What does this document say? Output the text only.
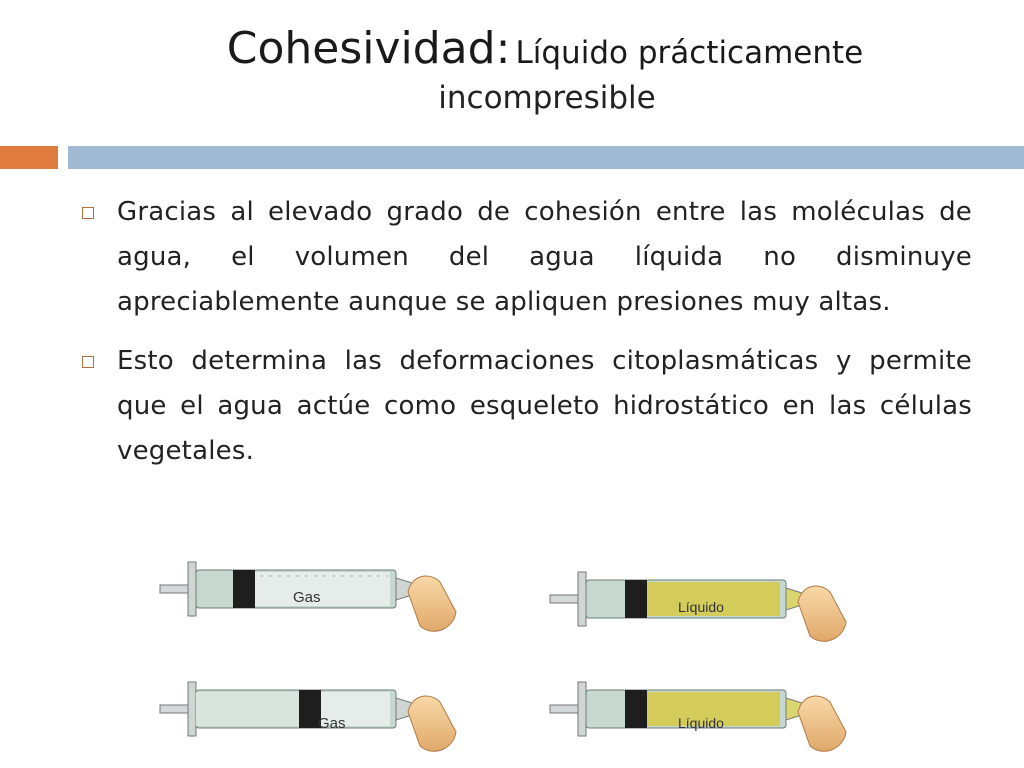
Cohesividad: Líquido prácticamente
incompresible
Gracias al elevado grado de cohesión entre las moléculas de agua, el volumen del agua líquida no disminuye apreciablemente aunque se apliquen presiones muy altas.
Esto determina las deformaciones citoplasmáticas y permite que el agua actúe como esqueleto hidrostático en las células vegetales.
Gas
Gas
Líquido
Líquido
